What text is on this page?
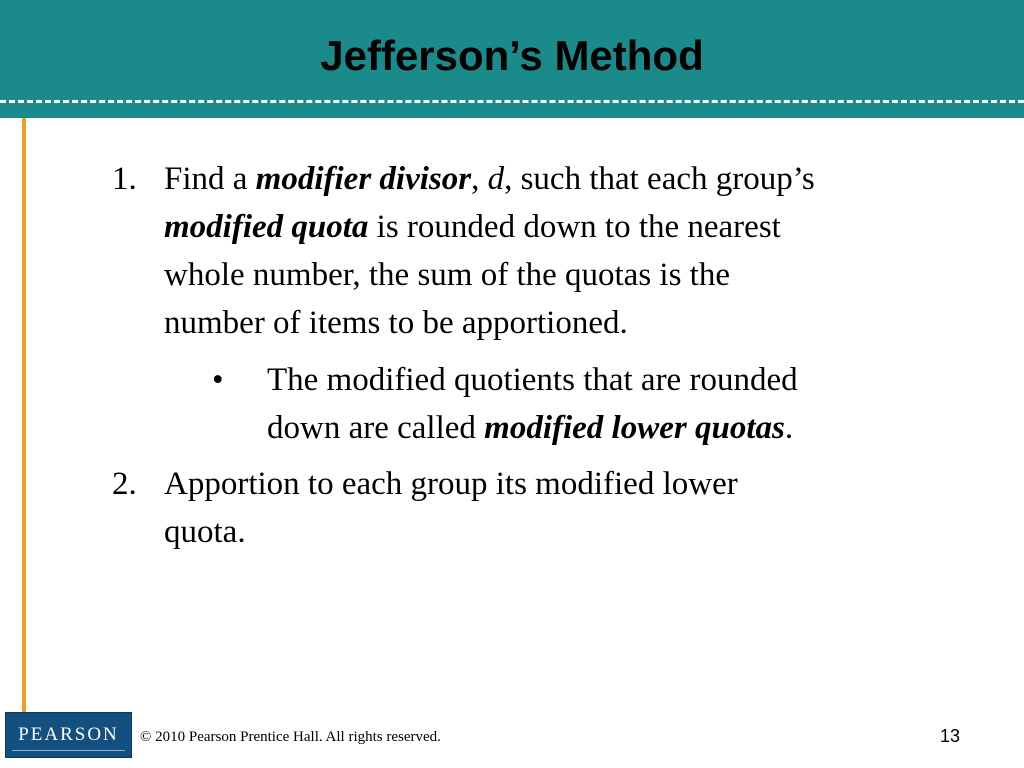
Jefferson’s Method
1. Find a modifier divisor, d, such that each group’s
modified quota is rounded down to the nearest
whole number, the sum of the quotas is the
number of items to be apportioned.
• The modified quotients that are rounded
down are called modified lower quotas.
2. Apportion to each group its modified lower
quota.
PEARSON	© 2010 Pearson Prentice Hall. All rights reserved.	13
